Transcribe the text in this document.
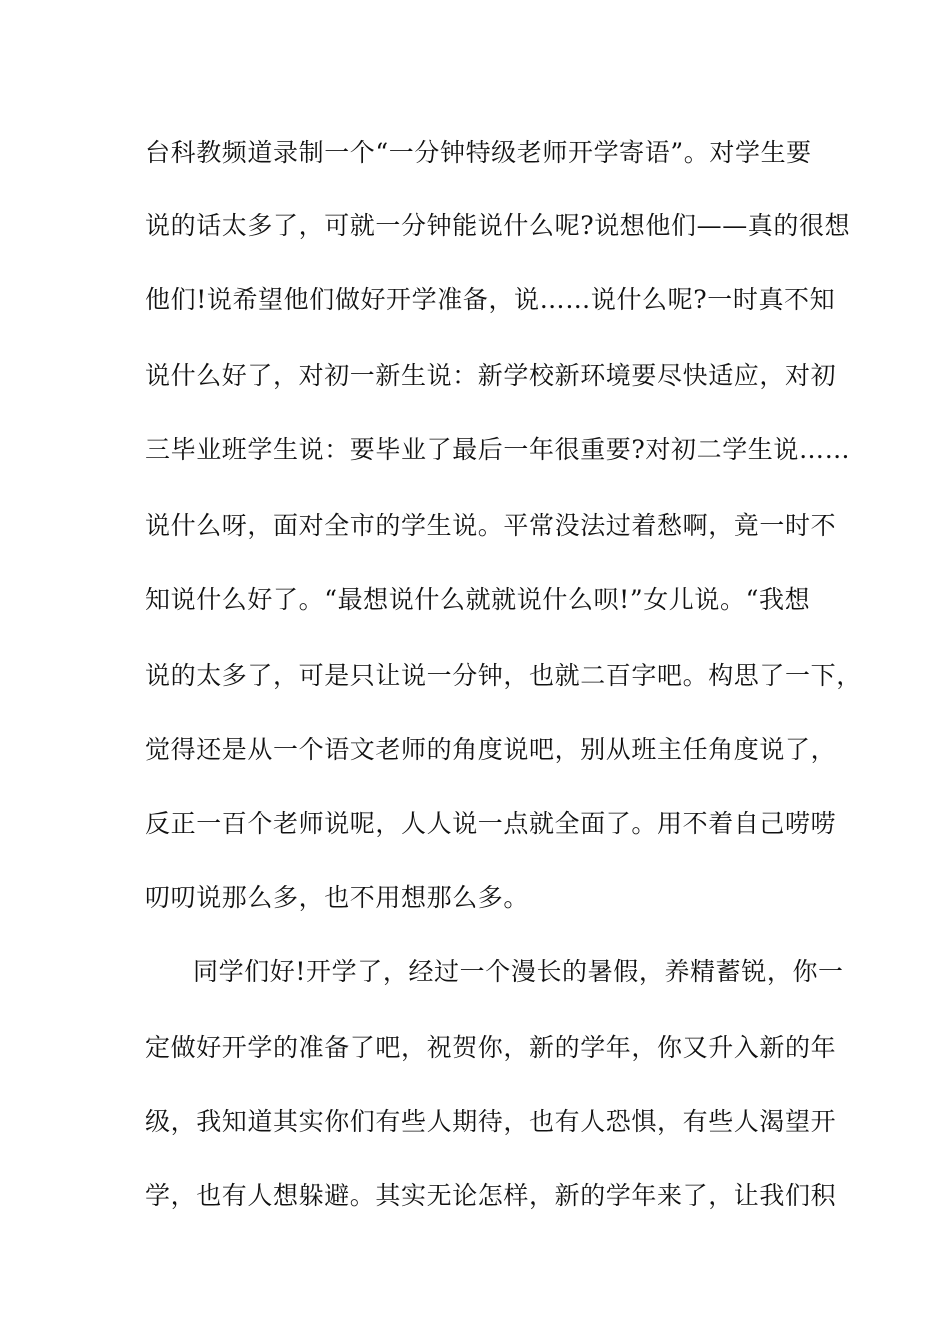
台科教频道录制一个“一分钟特级老师开学寄语”。对学生要
说的话太多了，可就一分钟能说什么呢?说想他们——真的很想
他们!说希望他们做好开学准备，说……说什么呢?一时真不知
说什么好了，对初一新生说：新学校新环境要尽快适应，对初
三毕业班学生说：要毕业了最后一年很重要?对初二学生说……
说什么呀，面对全市的学生说。平常没法过着愁啊，竟一时不
知说什么好了。“最想说什么就就说什么呗!”女儿说。“我想
说的太多了，可是只让说一分钟，也就二百字吧。构思了一下，
觉得还是从一个语文老师的角度说吧，别从班主任角度说了，
反正一百个老师说呢，人人说一点就全面了。用不着自己唠唠
叨叨说那么多，也不用想那么多。
同学们好!开学了，经过一个漫长的暑假，养精蓄锐，你一
定做好开学的准备了吧，祝贺你，新的学年，你又升入新的年
级，我知道其实你们有些人期待，也有人恐惧，有些人渴望开
学，也有人想躲避。其实无论怎样，新的学年来了，让我们积
